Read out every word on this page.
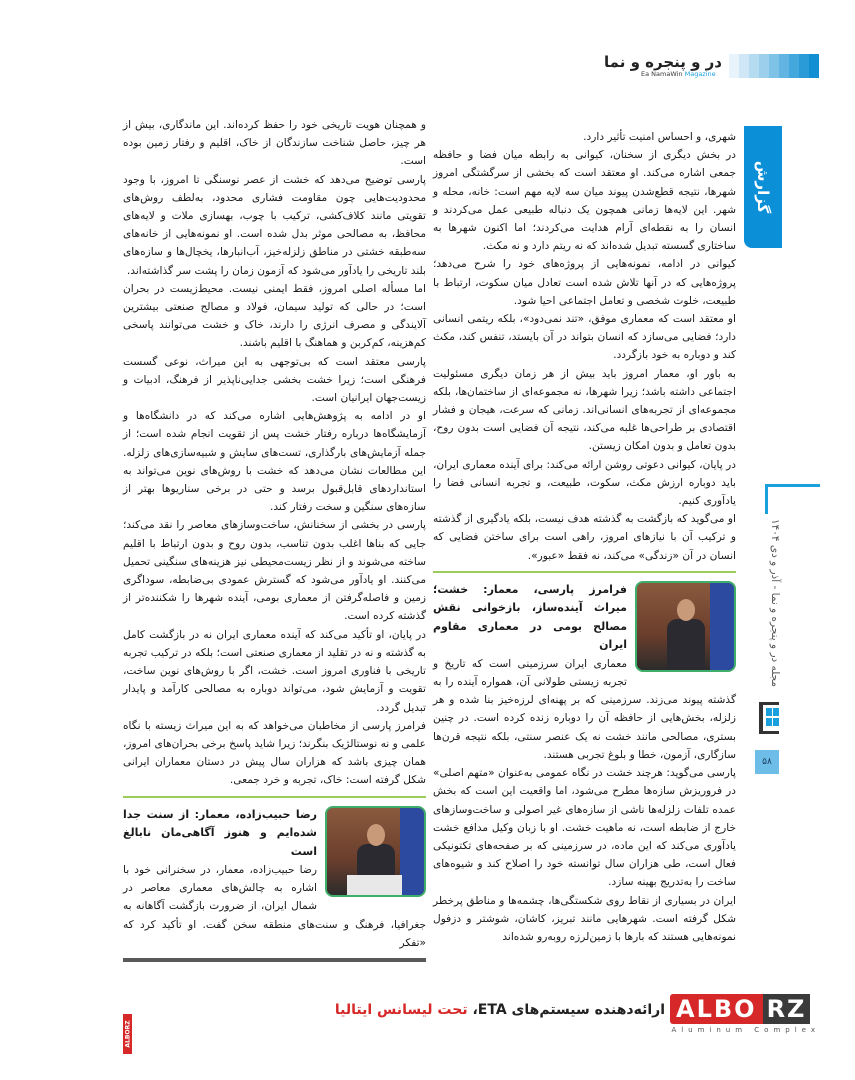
در و پنجره و نما
Ea NamaWin Magazine
گزارش
مجله در و پنجره و نما - آذر و دی ۱۴۰۴
۵۸

شهری، و احساس امنیت تأثیر دارد.

در بخش دیگری از سخنان، کیوانی به رابطه میان فضا و حافظه جمعی اشاره می‌کند. او معتقد است که بخشی از سرگشتگی امروز شهرها، نتیجه قطع‌شدن پیوند میان سه لایه مهم است: خانه، محله و شهر. این لایه‌ها زمانی همچون یک دنباله طبیعی عمل می‌کردند و انسان را به نقطه‌ای آرام هدایت می‌کردند؛ اما اکنون شهرها به ساختاری گسسته تبدیل شده‌اند که نه ریتم دارد و نه مکث.

کیوانی در ادامه، نمونه‌هایی از پروژه‌های خود را شرح می‌دهد؛ پروژه‌هایی که در آنها تلاش شده است تعادل میان سکوت، ارتباط با طبیعت، خلوت شخصی و تعامل اجتماعی احیا شود.

او معتقد است که معماری موفق، «تند نمی‌دود»، بلکه ریتمی انسانی دارد؛ فضایی می‌سازد که انسان بتواند در آن بایستد، تنفس کند، مکث کند و دوباره به خود بازگردد.

به باور او، معمار امروز باید بیش از هر زمان دیگری مسئولیت اجتماعی داشته باشد؛ زیرا شهرها، نه مجموعه‌ای از ساختمان‌ها، بلکه مجموعه‌ای از تجربه‌های انسانی‌اند. زمانی که سرعت، هیجان و فشار اقتصادی بر طراحی‌ها غلبه می‌کند، نتیجه آن فضایی است بدون روح، بدون تعامل و بدون امکان زیستن.

در پایان، کیوانی دعوتی روشن ارائه می‌کند: برای آینده معماری ایران، باید دوباره ارزش مکث، سکوت، طبیعت، و تجربه انسانی فضا را یادآوری کنیم.

او می‌گوید که بازگشت به گذشته هدف نیست، بلکه یادگیری از گذشته و ترکیب آن با نیازهای امروز، راهی است برای ساختن فضایی که انسان در آن «زندگی» می‌کند، نه فقط «عبور».

فرامرز پارسی، معمار: خشت؛ میراث آینده‌ساز، بازخوانی نقش مصالح بومی در معماری مقاوم ایران

معماری ایران سرزمینی است که تاریخ و تجربه زیستی طولانی آن، همواره آینده را به گذشته پیوند می‌زند. سرزمینی که بر پهنه‌ای لرزه‌خیز بنا شده و هر زلزله، بخش‌هایی از حافظه آن را دوباره زنده کرده است. در چنین بستری، مصالحی مانند خشت نه یک عنصر سنتی، بلکه نتیجه قرن‌ها سازگاری، آزمون، خطا و بلوغ تجربی هستند.

پارسی می‌گوید: هرچند خشت در نگاه عمومی به‌عنوان «متهم اصلی» در فروریزش سازه‌ها مطرح می‌شود، اما واقعیت این است که بخش عمده تلفات زلزله‌ها ناشی از سازه‌های غیر اصولی و ساخت‌وسازهای خارج از ضابطه است، نه ماهیت خشت. او با زبان وکیل مدافع خشت یادآوری می‌کند که این ماده، در سرزمینی که بر صفحه‌های تکتونیکی فعال است، طی هزاران سال توانسته خود را اصلاح کند و شیوه‌های ساخت را به‌تدریج بهینه سازد.

ایران در بسیاری از نقاط روی شکستگی‌ها، چشمه‌ها و مناطق پرخطر شکل گرفته است. شهرهایی مانند تبریز، کاشان، شوشتر و دزفول نمونه‌هایی هستند که بارها با زمین‌لرزه روبه‌رو شده‌اند

و همچنان هویت تاریخی خود را حفظ کرده‌اند. این ماندگاری، بیش از هر چیز، حاصل شناخت سازندگان از خاک، اقلیم و رفتار زمین بوده است.

پارسی توضیح می‌دهد که خشت از عصر نوسنگی تا امروز، با وجود محدودیت‌هایی چون مقاومت فشاری محدود، به‌لطف روش‌های تقویتی مانند کلاف‌کشی، ترکیب با چوب، بهسازی ملات و لایه‌های محافظ، به مصالحی موثر بدل شده است. او نمونه‌هایی از خانه‌های سه‌طبقه خشتی در مناطق زلزله‌خیز، آب‌انبارها، یخچال‌ها و سازه‌های بلند تاریخی را یادآور می‌شود که آزمون زمان را پشت سر گذاشته‌اند.

اما مسأله اصلی امروز، فقط ایمنی نیست. محیط‌زیست در بحران است؛ در حالی که تولید سیمان، فولاد و مصالح صنعتی بیشترین آلایندگی و مصرف انرژی را دارند، خاک و خشت می‌توانند پاسخی کم‌هزینه، کم‌کربن و هماهنگ با اقلیم باشند.

پارسی معتقد است که بی‌توجهی به این میراث، نوعی گسست فرهنگی است؛ زیرا خشت بخشی جدایی‌ناپذیر از فرهنگ، ادبیات و زیست‌جهان ایرانیان است.

او در ادامه به پژوهش‌هایی اشاره می‌کند که در دانشگاه‌ها و آزمایشگاه‌ها درباره رفتار خشت پس از تقویت انجام شده است؛ از جمله آزمایش‌های بارگذاری، تست‌های سایش و شبیه‌سازی‌های زلزله. این مطالعات نشان می‌دهد که خشت با روش‌های نوین می‌تواند به استانداردهای قابل‌قبول برسد و حتی در برخی سناریوها بهتر از سازه‌های سنگین و سخت رفتار کند.

پارسی در بخشی از سخنانش، ساخت‌وسازهای معاصر را نقد می‌کند؛ جایی که بناها اغلب بدون تناسب، بدون روح و بدون ارتباط با اقلیم ساخته می‌شوند و از نظر زیست‌محیطی نیز هزینه‌های سنگینی تحمیل می‌کنند. او یادآور می‌شود که گسترش عمودی بی‌ضابطه، سوداگری زمین و فاصله‌گرفتن از معماری بومی، آینده شهرها را شکننده‌تر از گذشته کرده است.

در پایان، او تأکید می‌کند که آینده معماری ایران نه در بازگشت کامل به گذشته و نه در تقلید از معماری صنعتی است؛ بلکه در ترکیب تجربه تاریخی با فناوری امروز است. خشت، اگر با روش‌های نوین ساخت، تقویت و آزمایش شود، می‌تواند دوباره به مصالحی کارآمد و پایدار تبدیل گردد.

فرامرز پارسی از مخاطبان می‌خواهد که به این میراث زیسته با نگاه علمی و نه نوستالژیک بنگرند؛ زیرا شاید پاسخ برخی بحران‌های امروز، همان چیزی باشد که هزاران سال پیش در دستان معماران ایرانی شکل گرفته است: خاک، تجربه و خرد جمعی.

رضا حبیب‌زاده، معمار: از سنت جدا شده‌ایم و هنوز آگاهی‌مان نابالغ است

رضا حبیب‌زاده، معمار، در سخنرانی خود با اشاره به چالش‌های معماری معاصر در شمال ایران، از ضرورت بازگشت آگاهانه به جغرافیا، فرهنگ و سنت‌های منطقه سخن گفت. او تأکید کرد که «تفکر

ALBORZ
ارائه‌دهنده سیستم‌های ETA، تحت لیسانس ایتالیا	ALBO RZ
Aluminum Complex
